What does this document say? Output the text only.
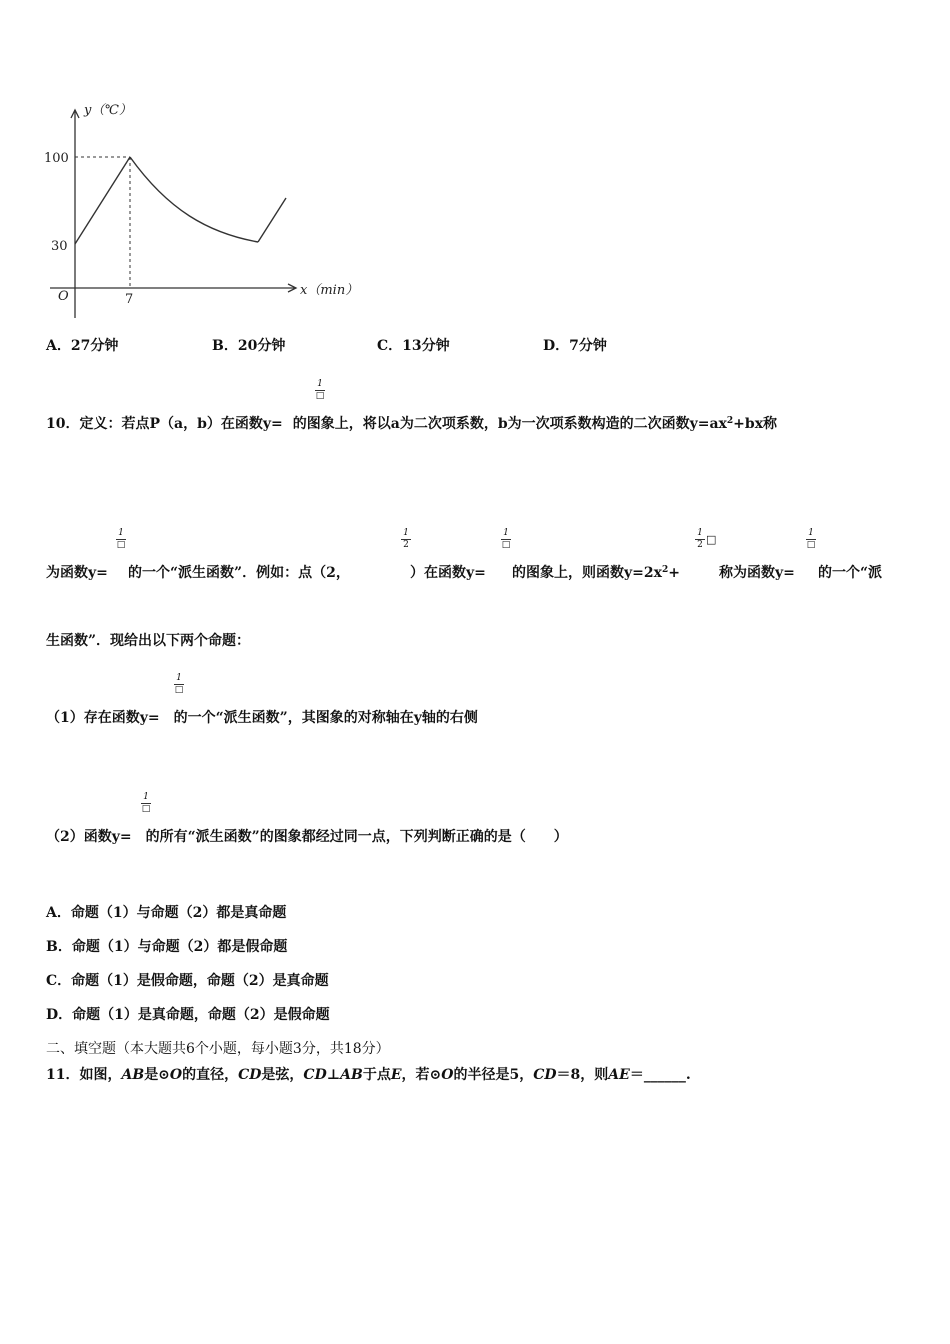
y（℃）
x（min）
O
100
30
7
A．27分钟	B．20分钟	C．13分钟	D．7分钟
1
□
10．定义：若点P（a，b）在函数y= 的图象上，将以a为二次项系数，b为一次项系数构造的二次函数$y=ax^2+bx$称
1
□	$\frac{1}{2}$	1
□	$\frac{1}{2}$ □	1
□
为函数y= 的一个“派生函数”．例如：点（2，	）在函数y= 的图象上，则函数$y=2x^2+$	称为函数y= 的一个“派
生函数”．现给出以下两个命题：
1
□
（1）存在函数y= 的一个“派生函数”，其图象的对称轴在y轴的右侧
1
□
（2）函数y= 的所有“派生函数”的图象都经过同一点，下列判断正确的是（　　）
A．命题（1）与命题（2）都是真命题
B．命题（1）与命题（2）都是假命题
C．命题（1）是假命题，命题（2）是真命题
D．命题（1）是真命题，命题（2）是假命题
二、填空题（本大题共6个小题，每小题3分，共18分）
11．如图，AB是⊙O的直径，CD是弦，CD⊥AB于点E，若⊙O的半径是5，CD＝8，则AE＝______.
